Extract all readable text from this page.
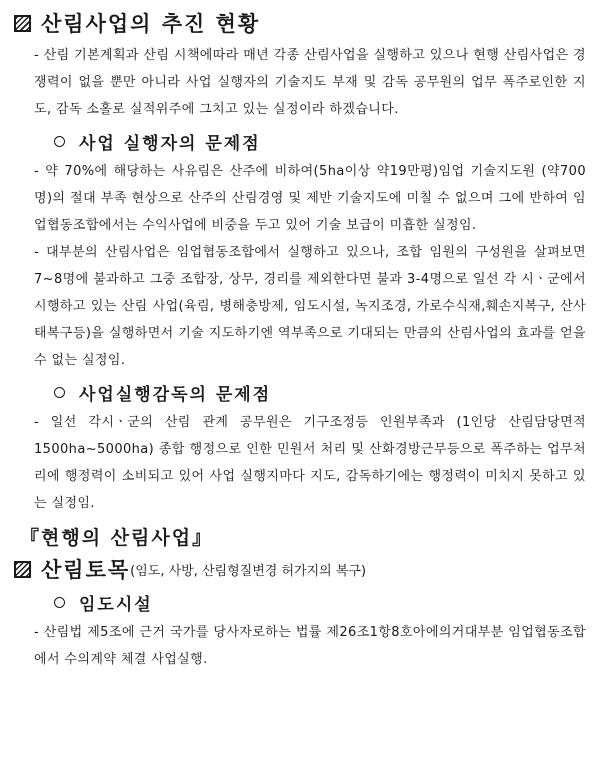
산림사업의 추진 현황

- 산림 기본계획과 산림 시책에따라 매년 각종 산림사업을 실행하고 있으나 현행 산림사업은 경쟁력이 없을 뿐만 아니라 사업 실행자의 기술지도 부재 및 감독 공무원의 업무 폭주로인한 지도, 감독 소홀로 실적위주에 그치고 있는 실정이라 하겠습니다.

사업 실행자의 문제점

- 약 70%에 해당하는 사유림은 산주에 비하여(5ha이상 약19만평)임업 기술지도원 (약700명)의 절대 부족 현상으로 산주의 산림경영 및 제반 기술지도에 미칠 수 없으며 그에 반하여 임업협동조합에서는 수익사업에 비중을 두고 있어 기술 보급이 미흡한 실정임.

- 대부분의 산림사업은 임업협동조합에서 실행하고 있으나, 조합 임원의 구성원을 살펴보면 7~8명에 불과하고 그중 조합장, 상무, 경리를 제외한다면 불과 3-4명으로 일선 각 시ㆍ군에서 시행하고 있는 산림 사업(육림, 병해충방제, 임도시설, 녹지조경, 가로수식재,훼손지복구, 산사태복구등)을 실행하면서 기술 지도하기엔 역부족으로 기대되는 만큼의 산림사업의 효과를 얻을 수 없는 실정임.

사업실행감독의 문제점

- 일선 각시ㆍ군의 산림 관계 공무원은 기구조정등 인원부족과 (1인당 산림담당면적 1500ha~5000ha) 종합 행정으로 인한 민원서 처리 및 산화경방근무등으로 폭주하는 업무처리에 행정력이 소비되고 있어 사업 실행지마다 지도, 감독하기에는 행정력이 미치지 못하고 있는 실정임.

『현행의 산림사업』
산림토목 (임도, 사방, 산림형질변경 허가지의 복구)
임도시설

- 산림법 제5조에 근거 국가를 당사자로하는 법률 제26조1항8호아에의거대부분 임업협동조합에서 수의계약 체결 사업실행.
